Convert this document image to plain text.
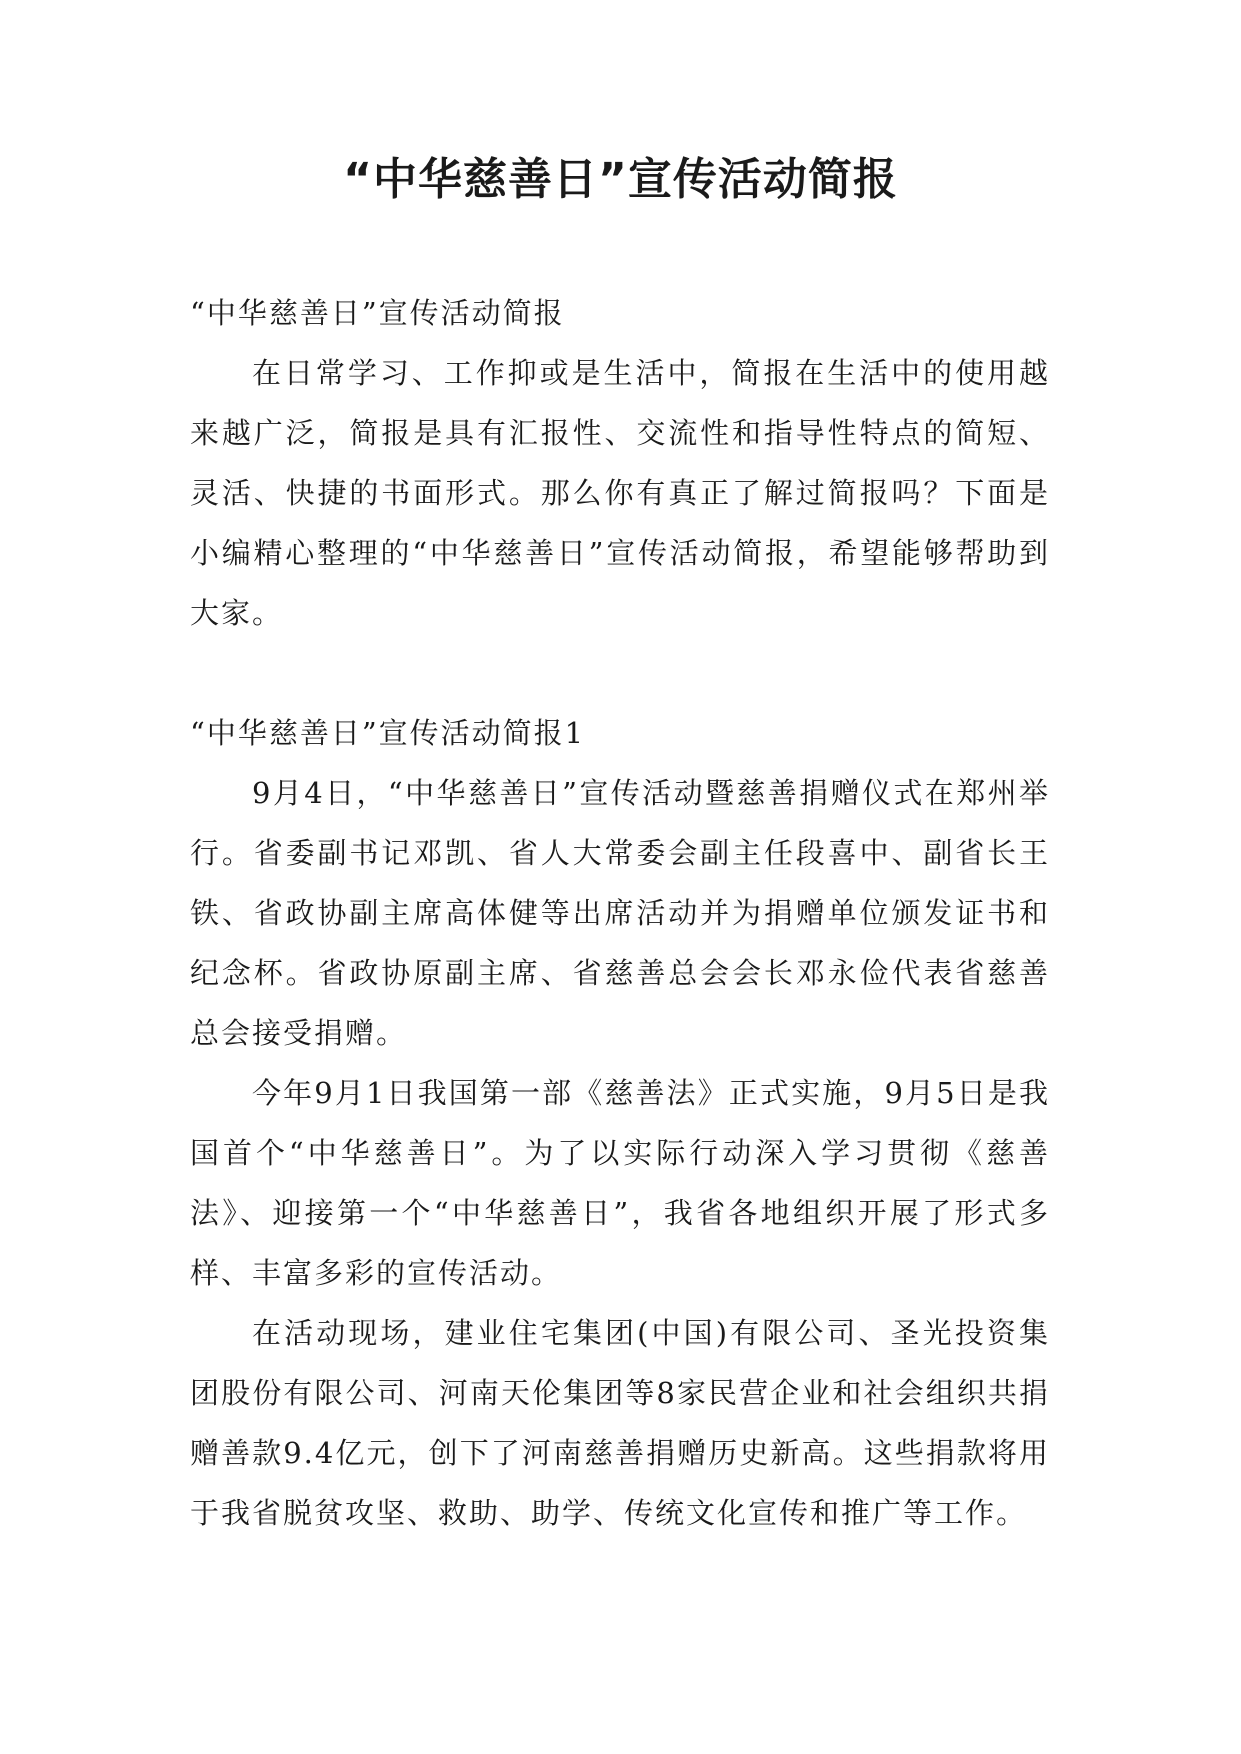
“中华慈善日”宣传活动简报

“中华慈善日”宣传活动简报

在日常学习、工作抑或是生活中，简报在生活中的使用越来越广泛，简报是具有汇报性、交流性和指导性特点的简短、灵活、快捷的书面形式。那么你有真正了解过简报吗？下面是小编精心整理的“中华慈善日”宣传活动简报，希望能够帮助到大家。

“中华慈善日”宣传活动简报1

9月4日，“中华慈善日”宣传活动暨慈善捐赠仪式在郑州举行。省委副书记邓凯、省人大常委会副主任段喜中、副省长王铁、省政协副主席高体健等出席活动并为捐赠单位颁发证书和纪念杯。省政协原副主席、省慈善总会会长邓永俭代表省慈善总会接受捐赠。

今年9月1日我国第一部《慈善法》正式实施，9月5日是我国首个“中华慈善日”。为了以实际行动深入学习贯彻《慈善法》、迎接第一个“中华慈善日”，我省各地组织开展了形式多样、丰富多彩的宣传活动。

在活动现场，建业住宅集团(中国)有限公司、圣光投资集团股份有限公司、河南天伦集团等8家民营企业和社会组织共捐赠善款9.4亿元，创下了河南慈善捐赠历史新高。这些捐款将用于我省脱贫攻坚、救助、助学、传统文化宣传和推广等工作。
